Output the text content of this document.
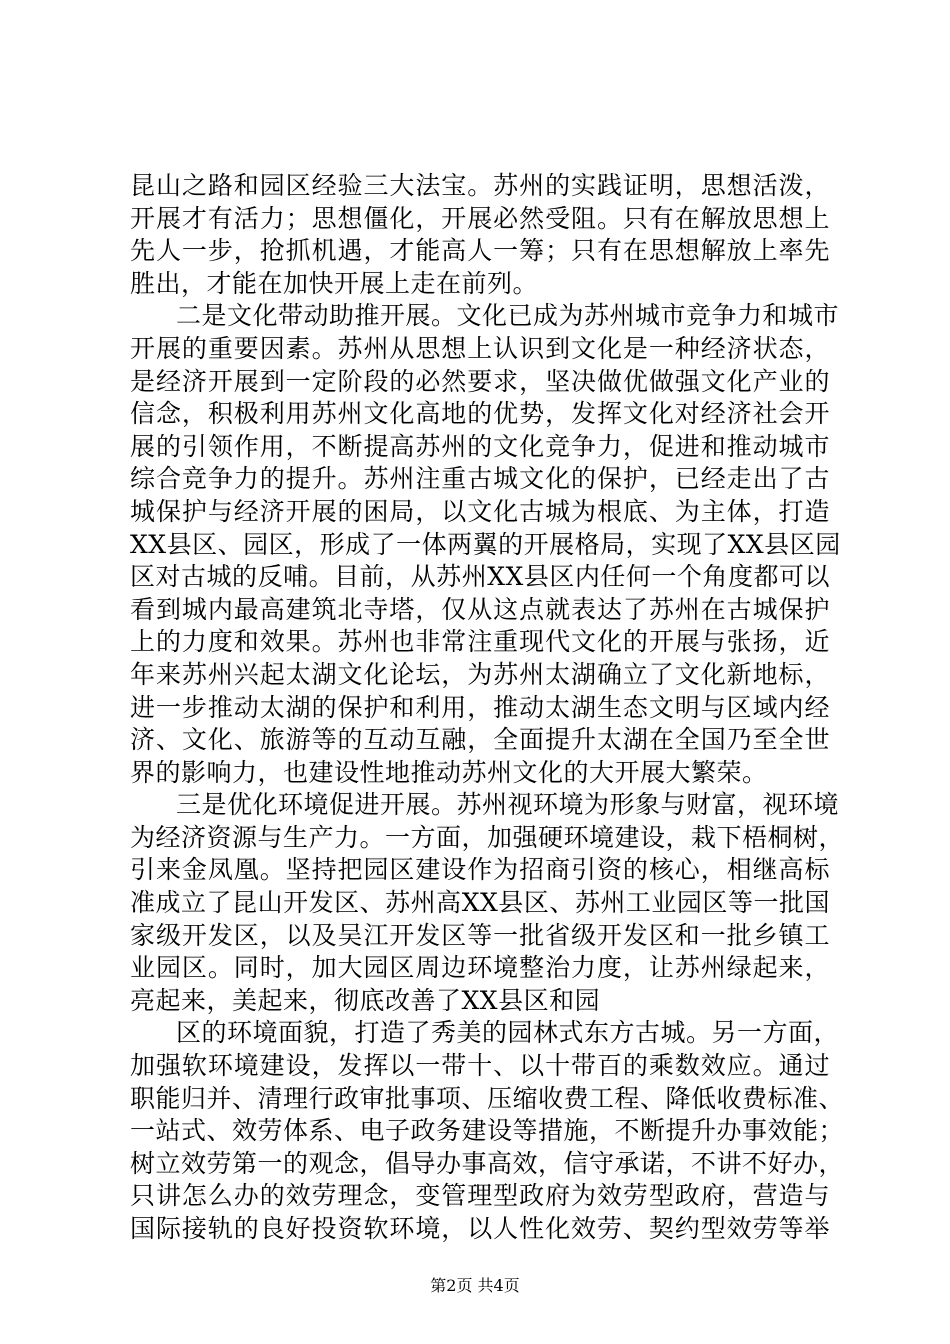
昆山之路和园区经验三大法宝。苏州的实践证明，思想活泼，
开展才有活力；思想僵化，开展必然受阻。只有在解放思想上
先人一步，抢抓机遇，才能高人一筹；只有在思想解放上率先
胜出，才能在加快开展上走在前列。
二是文化带动助推开展。文化已成为苏州城市竞争力和城市
开展的重要因素。苏州从思想上认识到文化是一种经济状态，
是经济开展到一定阶段的必然要求，坚决做优做强文化产业的
信念，积极利用苏州文化高地的优势，发挥文化对经济社会开
展的引领作用，不断提高苏州的文化竞争力，促进和推动城市
综合竞争力的提升。苏州注重古城文化的保护，已经走出了古
城保护与经济开展的困局，以文化古城为根底、为主体，打造
XX县区、园区，形成了一体两翼的开展格局，实现了XX县区园
区对古城的反哺。目前，从苏州XX县区内任何一个角度都可以
看到城内最高建筑北寺塔，仅从这点就表达了苏州在古城保护
上的力度和效果。苏州也非常注重现代文化的开展与张扬，近
年来苏州兴起太湖文化论坛，为苏州太湖确立了文化新地标，
进一步推动太湖的保护和利用，推动太湖生态文明与区域内经
济、文化、旅游等的互动互融，全面提升太湖在全国乃至全世
界的影响力，也建设性地推动苏州文化的大开展大繁荣。
三是优化环境促进开展。苏州视环境为形象与财富，视环境
为经济资源与生产力。一方面，加强硬环境建设，栽下梧桐树，
引来金凤凰。坚持把园区建设作为招商引资的核心，相继高标
准成立了昆山开发区、苏州高XX县区、苏州工业园区等一批国
家级开发区，以及吴江开发区等一批省级开发区和一批乡镇工
业园区。同时，加大园区周边环境整治力度，让苏州绿起来，
亮起来，美起来，彻底改善了XX县区和园
区的环境面貌，打造了秀美的园林式东方古城。另一方面，
加强软环境建设，发挥以一带十、以十带百的乘数效应。通过
职能归并、清理行政审批事项、压缩收费工程、降低收费标准、
一站式、效劳体系、电子政务建设等措施，不断提升办事效能；
树立效劳第一的观念，倡导办事高效，信守承诺，不讲不好办，
只讲怎么办的效劳理念，变管理型政府为效劳型政府，营造与
国际接轨的良好投资软环境，以人性化效劳、契约型效劳等举
第2页 共4页
